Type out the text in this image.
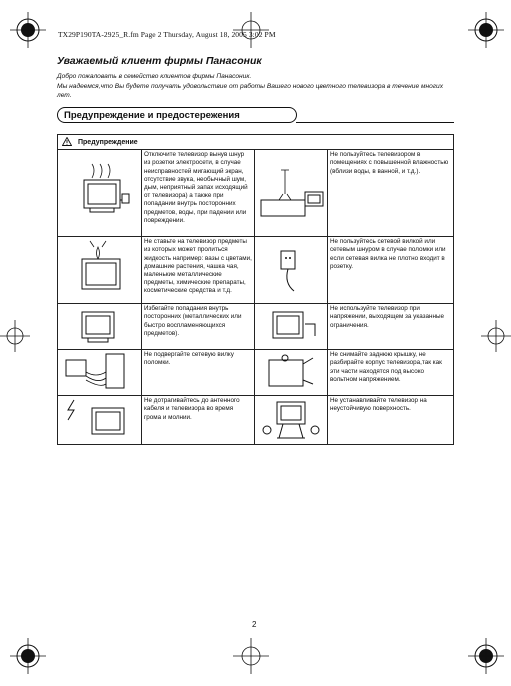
TX29P190TA-2925_R.fm Page 2 Thursday, August 18, 2005 3:02 PM
Уважаемый клиент фирмы Панасоник
Добро пожаловать в семейство клиентов фирмы Панасоник.
Мы надеемся,что Вы будете получать удовольствие от работы Вашего нового цветного телевизора в течение многих лет.
Предупреждение и предостережения
Предупреждение			

	Отключите телевизор вынув шнур из розетки электросети, в случае неисправностей мигающий экран, отсутствие звука, необычный шум, дым, неприятный запах исходящий от телевизора) а также при попадании внутрь посторонних предметов, воды, при падении или повреждении.		Не пользуйтесь телевизором в помещениях с повышенной влажностью (вблизи воды, в ванной, и т.д.).

	Не ставьте на телевизор предметы из которых может пролиться жидкость например: вазы с цветами, домашние растения, чашка чая, маленькие металлические предметы, химические препараты, косметические средства и т.д.		Не пользуйтесь сетевой вилкой или сетевым шнуром в случае поломки или если сетевая вилка не плотно входит в розетку.

	Избегайте попадания внутрь посторонних (металлических или быстро воспламеняющихся предметов).		Не используйте телевизор при напряжении, выходящем за указанные ограничения.

	Не подвергайте сетевую вилку поломки.		Не снимайте заднюю крышку, не разбирайте корпус телевизора,так как эти части находятся под высоко вольтном напряжением.

	Не дотрагивайтесь до антенного кабеля и телевизора во время грома и молнии.		Не устанавливайте телевизор на неустойчивую поверхность.
2
